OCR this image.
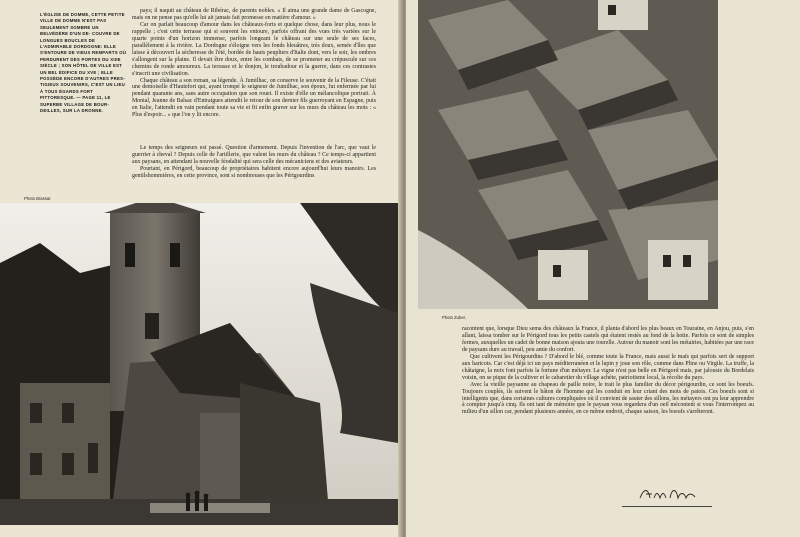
L'ÉGLISE DE DOMME, CETTE PETITE VILLE DE DOMME N'EST PAS SEULEMENT SOMBRE UN BELVÉDÈRE D'UN DE- COUVRE DE LONGUES BOUCLES DE L'ADMIRABLE DORDOGNE: ELLE S'ENTOURE DE VIEUX REMPARTS OÙ PERDURENT DES PORTES DU XIIIE SIÈCLE ; SON HÔTEL DE VILLE EST UN BEL ÉDIFICE DU XVE ; ELLE POSSÈDE ENCORE D'AUTRES PRES- TIGIEUX SOUVENIRS, C'EST UN LIEU À TOUS ÉGARDS FORT PITTORESQUE. — PAGE 11, LE SUPERBE VILLAGE DE BOUR- DEILLES, SUR LA DRONNE.

pays; il naquit au château de Ribérac, de parents nobles. « Il aima une grande dame de Gascogne, mais on ne pense pas qu'elle lui ait jamais fait promesse en matière d'amour. »

Car on parlait beaucoup d'amour dans les châteaux-forts et quelque chose, dans leur plus, nous le rappelle ; c'est cette terrasse qui si souvent les entoure, parfois offrant des vues très variées sur le quarte points d'un horizon immense, parfois longeant le château sur une seule de ses faces, parallèlement à la rivière. La Dordogne s'éloigne vers les fonds bleuâtres, très doux, semée d'îles que laisse à découvert la sécheresse de l'été, bordée de hauts peupliers d'Italie dont, vers le soir, les ombres s'allongent sur la plaine. Il devait être doux, entre les combats, de se promener au crépuscule sur ces chemins de ronde amoureux. La terrasse et le donjon, le troubadour et la guerre, dans ces contrastes s'inscrit une civilisation.

Chaque château a son roman, sa légende. À Jumilhac, on conserve le souvenir de la Fileuse. C'était une demoiselle d'Hautefort qui, ayant trompé le seigneur de Jumilhac, son époux, fut enfermée par lui pendant quarante ans, sans autre occupation que son rouet. Il existe d'elle un mélancolique portrait. À Montal, Jeanne de Balsac d'Entraigues attendit le retour de son dernier fils guerroyant en Espagne, puis en Italie, l'attendit en vain pendant toute sa vie et fit enfin graver sur les murs du château les mots : « Plus d'espoir... » que l'on y lit encore.

Le temps des seigneurs est passé. Question d'armement. Depuis l'invention de l'arc, que vaut le guerrier à cheval ? Depuis celle de l'artillerie, que valent les murs du château ? Ce temps-ci appartient aux paysans, en attendant la nouvelle féodalité qui sera celle des mécaniciens et des aviateurs.

Pourtant, en Périgord, beaucoup de propriétaires habitent encore aujourd'hui leurs manoirs. Les gentilshommières, en cette province, sont si nombreuses que les Périgourdins

Photo Brassaï.
Photo Zuber.

racontent que, lorsque Dieu sema des châteaux la France, il planta d'abord les plus beaux en Touraine, en Anjou, puis, s'en allant, laissa tomber sur le Périgord tous les petits castels qui étaient restés au fond de la hotte. Parfois ce sont de simples fermes, auxquelles un cadet de bonne maison ajouta une tourelle. Autour du manoir sont les métairies, habitées par une race de paysans dure au travail, peu amie du confort.

Que cultivent les Périgourdins ? D'abord le blé, comme toute la France, mais aussi le maïs qui parfois sert de support aux haricots. Car c'est déjà ici un pays méditerranéen et le lupin y joue son rôle, comme dans Pline ou Virgile. La truffe, la châtaigne, la noix font parfois la fortune d'un métayer. La vigne n'est pas belle en Périgord mais, par jalousie du Bordelais voisin, on se pique de la cultiver et le cabaretier du village achète, patriotisme local, la récolte du pays.

Avec la vieille paysanne au chapeau de paille noire, le trait le plus familier du décor périgourdin, ce sont les boeufs. Toujours couplés, ils suivent le bâton de l'homme qui les conduit en leur criant des mots de patois. Ces boeufs sont si intelligents que, dans certaines cultures compliquées où il convient de sauter des sillons, les métayers ont pu leur apprendre à compter jusqu'à cinq. Ils ont tant de mémoire que le paysan vous regardera d'un oeil mécontent si vous l'interrompez au milieu d'un sillon car, pendant plusieurs années, en ce même endroit, chaque saison, les boeufs s'arrêteront.
